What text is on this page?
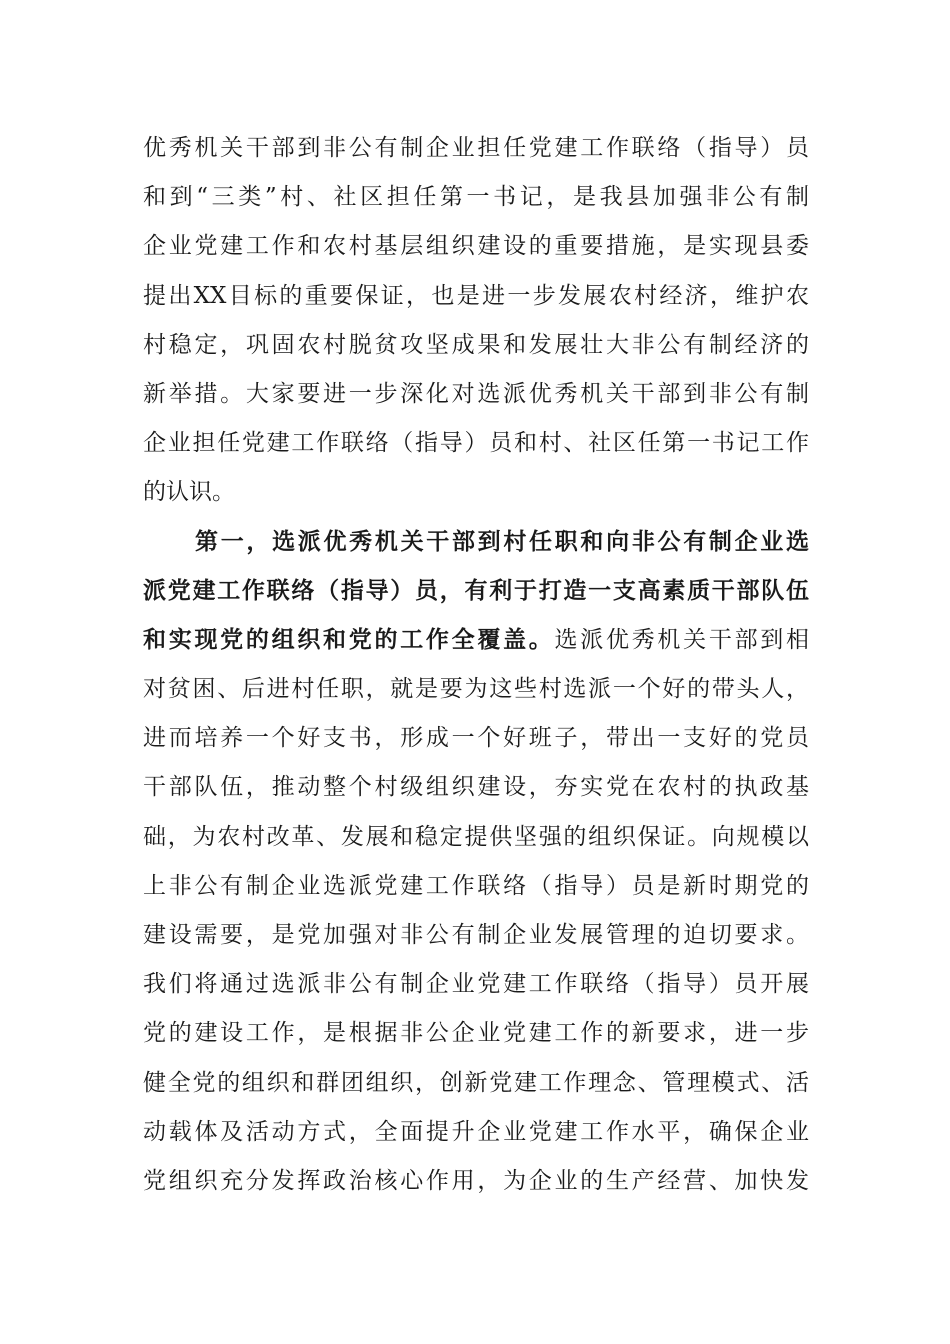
优秀机关干部到非公有制企业担任党建工作联络（指导）员
和到“三类”村、社区担任第一书记，是我县加强非公有制
企业党建工作和农村基层组织建设的重要措施，是实现县委
提出XX目标的重要保证，也是进一步发展农村经济，维护农
村稳定，巩固农村脱贫攻坚成果和发展壮大非公有制经济的
新举措。大家要进一步深化对选派优秀机关干部到非公有制
企业担任党建工作联络（指导）员和村、社区任第一书记工作
的认识。
第一，选派优秀机关干部到村任职和向非公有制企业选
派党建工作联络（指导）员，有利于打造一支高素质干部队伍
和实现党的组织和党的工作全覆盖。选派优秀机关干部到相
对贫困、后进村任职，就是要为这些村选派一个好的带头人，
进而培养一个好支书，形成一个好班子，带出一支好的党员
干部队伍，推动整个村级组织建设，夯实党在农村的执政基
础，为农村改革、发展和稳定提供坚强的组织保证。向规模以
上非公有制企业选派党建工作联络（指导）员是新时期党的
建设需要，是党加强对非公有制企业发展管理的迫切要求。
我们将通过选派非公有制企业党建工作联络（指导）员开展
党的建设工作，是根据非公企业党建工作的新要求，进一步
健全党的组织和群团组织，创新党建工作理念、管理模式、活
动载体及活动方式，全面提升企业党建工作水平，确保企业
党组织充分发挥政治核心作用，为企业的生产经营、加快发
